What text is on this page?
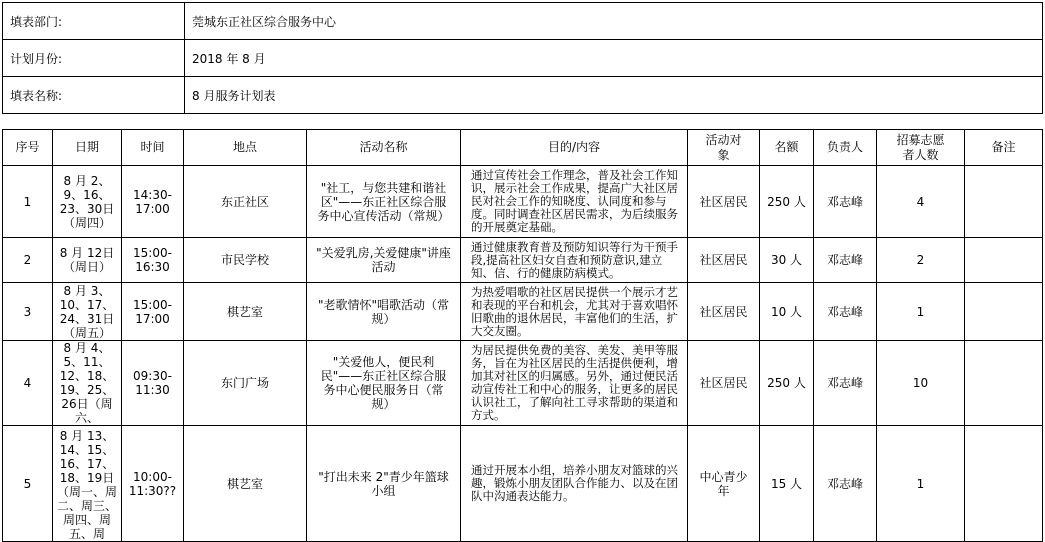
填表部门:	莞城东正社区综合服务中心
计划月份:	2018 年 8 月
填表名称:	8 月服务计划表
序号	日期	时间	地点	活动名称	目的/内容	活动对象	名额	负责人	招募志愿者人数	备注
1	8 月 2、9、16、23、30日（周四）	14:30-17:00	东正社区	"社工，与您共建和谐社区"——东正社区综合服务中心宣传活动（常规）	通过宣传社会工作理念，普及社会工作知识，展示社会工作成果，提高广大社区居民对社会工作的知晓度、认同度和参与度。同时调查社区居民需求，为后续服务的开展奠定基础。	社区居民	250 人	邓志峰	4	
2	8 月 12日（周日）	15:00-16:30	市民学校	"关爱乳房,关爱健康"讲座活动	通过健康教育普及预防知识等行为干预手段,提高社区妇女自查和预防意识,建立知、信、行的健康防病模式。	社区居民	30 人	邓志峰	2	
3	8 月 3、10、17、24、31日（周五）	15:00-17:00	棋艺室	"老歌情怀"唱歌活动（常规）	为热爱唱歌的社区居民提供一个展示才艺和表现的平台和机会，尤其对于喜欢唱怀旧歌曲的退休居民，丰富他们的生活，扩大交友圈。	社区居民	10 人	邓志峰	1	
4	8 月 4、5、11、12、18、19、25、26日（周六、	09:30-11:30	东门广场	"关爱他人，便民利民"——东正社区综合服务中心便民服务日（常规）	为居民提供免费的美容、美发、美甲等服务，旨在为社区居民的生活提供便利，增加其对社区的归属感。另外，通过便民活动宣传社工和中心的服务，让更多的居民认识社工，了解向社工寻求帮助的渠道和方式。	社区居民	250 人	邓志峰	10	
5	8 月 13、14、15、16、17、18、19日（周一、周二、周三、周四、周五、周	10:00-11:30??	棋艺室	"打出未来 2"青少年篮球小组	通过开展本小组，培养小朋友对篮球的兴趣，锻炼小朋友团队合作能力、以及在团队中沟通表达能力。	中心青少年	15 人	邓志峰	1	
